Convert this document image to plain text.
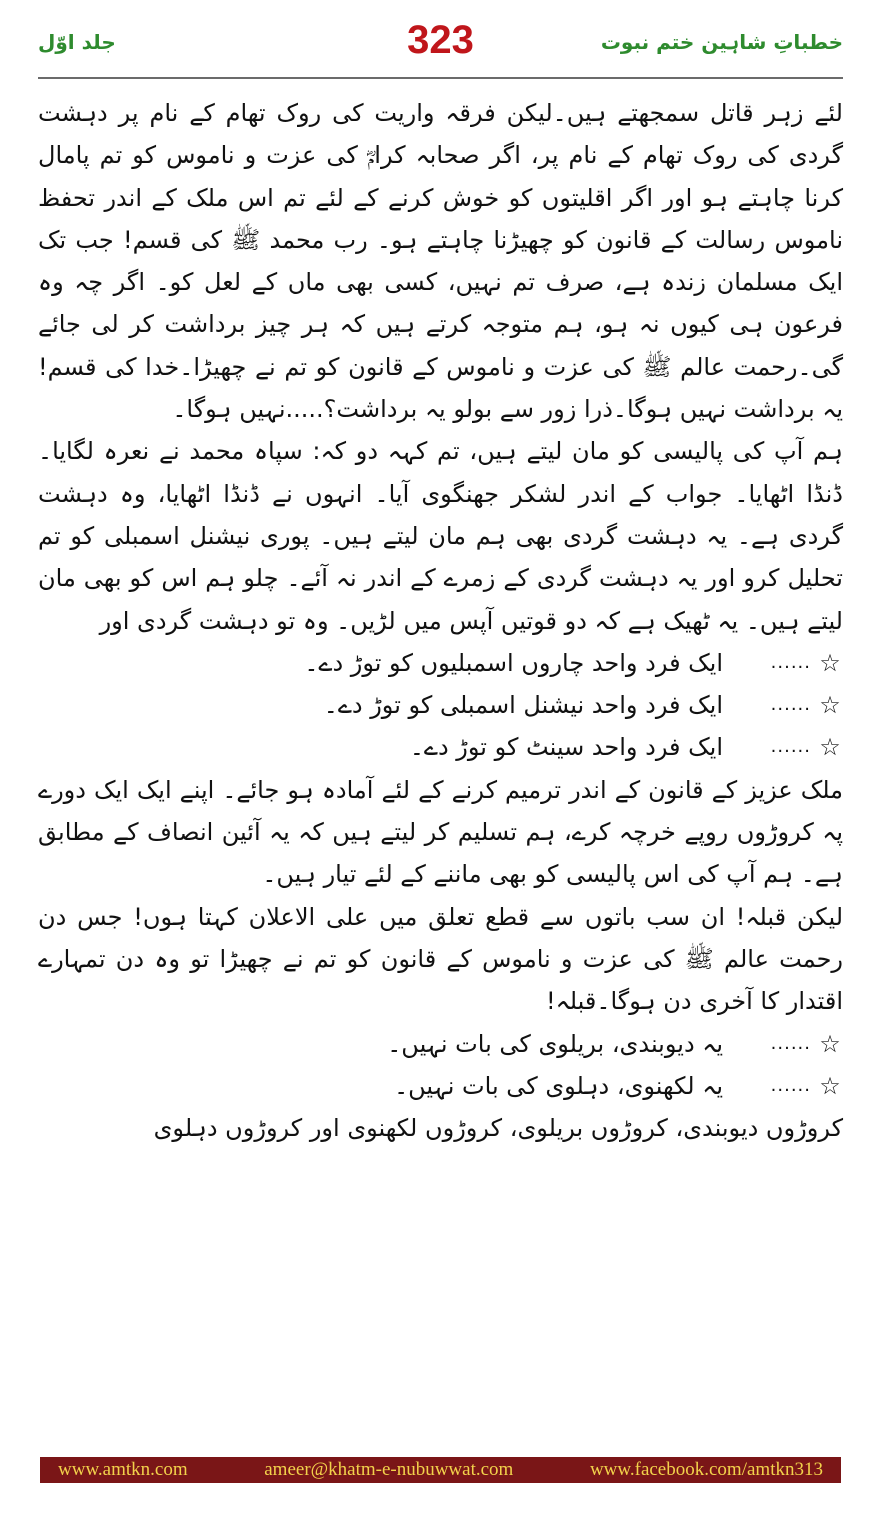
خطباتِ شاہین ختم نبوت
323
جلد اوّل

لئے زہر قاتل سمجھتے ہیں۔لیکن فرقہ واریت کی روک تھام کے نام پر دہشت گردی کی روک تھام کے نام پر، اگر صحابہ کرامؓ کی عزت و ناموس کو تم پامال کرنا چاہتے ہو اور اگر اقلیتوں کو خوش کرنے کے لئے تم اس ملک کے اندر تحفظ ناموس رسالت کے قانون کو چھیڑنا چاہتے ہو۔ رب محمد ﷺ کی قسم! جب تک ایک مسلمان زندہ ہے، صرف تم نہیں، کسی بھی ماں کے لعل کو۔ اگر چہ وہ فرعون ہی کیوں نہ ہو، ہم متوجہ کرتے ہیں کہ ہر چیز برداشت کر لی جائے گی۔رحمت عالم ﷺ کی عزت و ناموس کے قانون کو تم نے چھیڑا۔خدا کی قسم! یہ برداشت نہیں ہوگا۔ذرا زور سے بولو یہ برداشت؟.....نہیں ہوگا۔

ہم آپ کی پالیسی کو مان لیتے ہیں، تم کہہ دو کہ: سپاہ محمد نے نعرہ لگایا۔ ڈنڈا اٹھایا۔ جواب کے اندر لشکر جھنگوی آیا۔ انہوں نے ڈنڈا اٹھایا، وہ دہشت گردی ہے۔ یہ دہشت گردی بھی ہم مان لیتے ہیں۔ پوری نیشنل اسمبلی کو تم تحلیل کرو اور یہ دہشت گردی کے زمرے کے اندر نہ آئے۔ چلو ہم اس کو بھی مان لیتے ہیں۔ یہ ٹھیک ہے کہ دو قوتیں آپس میں لڑیں۔ وہ تو دہشت گردی اور

☆
......
ایک فرد واحد چاروں اسمبلیوں کو توڑ دے۔
☆
......
ایک فرد واحد نیشنل اسمبلی کو توڑ دے۔
☆
......
ایک فرد واحد سینٹ کو توڑ دے۔

ملک عزیز کے قانون کے اندر ترمیم کرنے کے لئے آمادہ ہو جائے۔ اپنے ایک ایک دورے پہ کروڑوں روپے خرچہ کرے، ہم تسلیم کر لیتے ہیں کہ یہ آئین انصاف کے مطابق ہے۔ ہم آپ کی اس پالیسی کو بھی ماننے کے لئے تیار ہیں۔

لیکن قبلہ! ان سب باتوں سے قطع تعلق میں علی الاعلان کہتا ہوں! جس دن رحمت عالم ﷺ کی عزت و ناموس کے قانون کو تم نے چھیڑا تو وہ دن تمہارے اقتدار کا آخری دن ہوگا۔قبلہ!

☆
......
یہ دیوبندی، بریلوی کی بات نہیں۔
☆
......
یہ لکھنوی، دہلوی کی بات نہیں۔

کروڑوں دیوبندی، کروڑوں بریلوی، کروڑوں لکھنوی اور کروڑوں دہلوی

www.amtkn.com	ameer@khatm-e-nubuwwat.com	www.facebook.com/amtkn313
